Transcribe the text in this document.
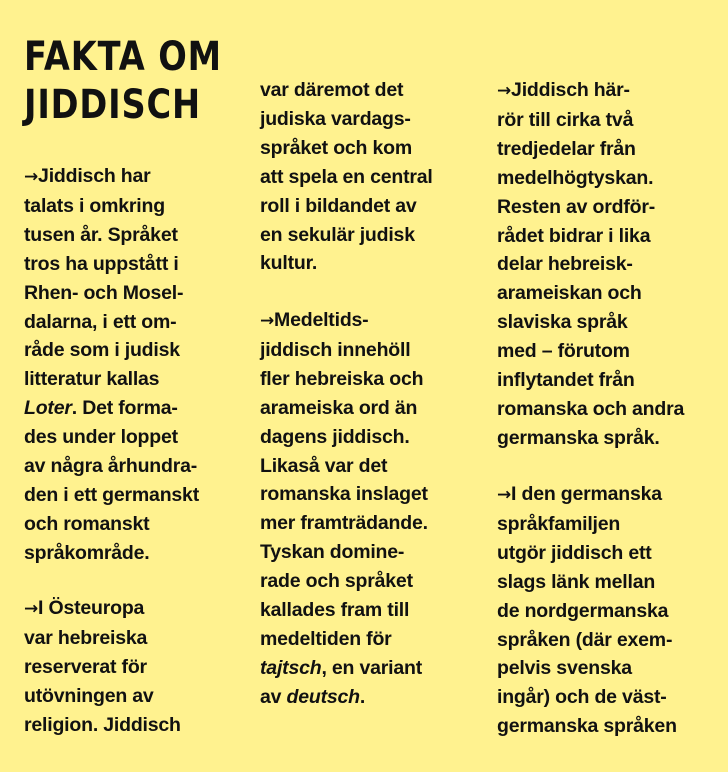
FAKTA OM
JIDDISCH

→Jiddisch har
talats i omkring
tusen år. Språket
tros ha uppstått i
Rhen- och Mosel-
dalarna, i ett om-
råde som i judisk
litteratur kallas
Loter. Det forma-
des under loppet
av några århundra-
den i ett germanskt
och romanskt
språkområde.

→I Östeuropa
var hebreiska
reserverat för
utövningen av
religion. Jiddisch

var däremot det
judiska vardags-
språket och kom
att spela en central
roll i bildandet av
en sekulär judisk
kultur.

→Medeltids-
jiddisch innehöll
fler hebreiska och
arameiska ord än
dagens jiddisch.
Likaså var det
romanska inslaget
mer framträdande.
Tyskan domine-
rade och språket
kallades fram till
medeltiden för
tajtsch, en variant
av deutsch.

→Jiddisch här-
rör till cirka två
tredjedelar från
medelhögtyskan.
Resten av ordför-
rådet bidrar i lika
delar hebreisk-
arameiskan och
slaviska språk
med – förutom
inflytandet från
romanska och andra
germanska språk.

→I den germanska
språkfamiljen
utgör jiddisch ett
slags länk mellan
de nordgermanska
språken (där exem-
pelvis svenska
ingår) och de väst-
germanska språken
